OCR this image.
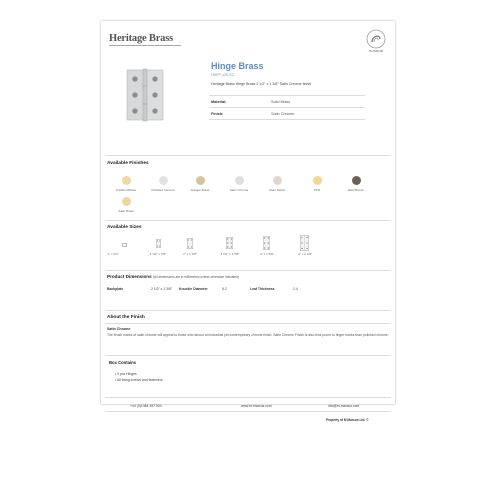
Heritage Brass
m-marcus
Hinge Brass
HDPF-120-SC
Heritage Brass Hinge Brass 2 1/2" x 1 3/8" Satin Chrome finish
Material:	Solid Brass
Finish:	Satin Chrome
Available Finishes
Polished Brass	Polished Chrome	Antique Brass	Satin Chrome	Satin Nickel	PVD	Matt Bronze
Satin Brass
Available Sizes
1" x 3/4"	1 1/2" x 7/8"	2" x 1 1/8"	2 1/2" x 1 3/8"	3" x 1 5/8"	4" x 2 1/8"
Product Dimensions (All dimensions are in millimetres unless otherwise indicated)
Backplate	2 1/2" x 1 3/8" Knuckle Diameter	5.2	Leaf Thickness	1.4
About the Finish
Satin Chrome
The brush marks of satin chrome will appeal to those who favour an industrial yet contemporary chrome finish. Satin Chrome Finish is also less prone to finger marks than polished chrome.
Box Contains
• 3 pcs Hinges
• All fixing screws and fasteners
+44 (0)1384 457 900	www.m-marcus.com	info@m-marcus.com
Property of M Marcus Ltd. ©
